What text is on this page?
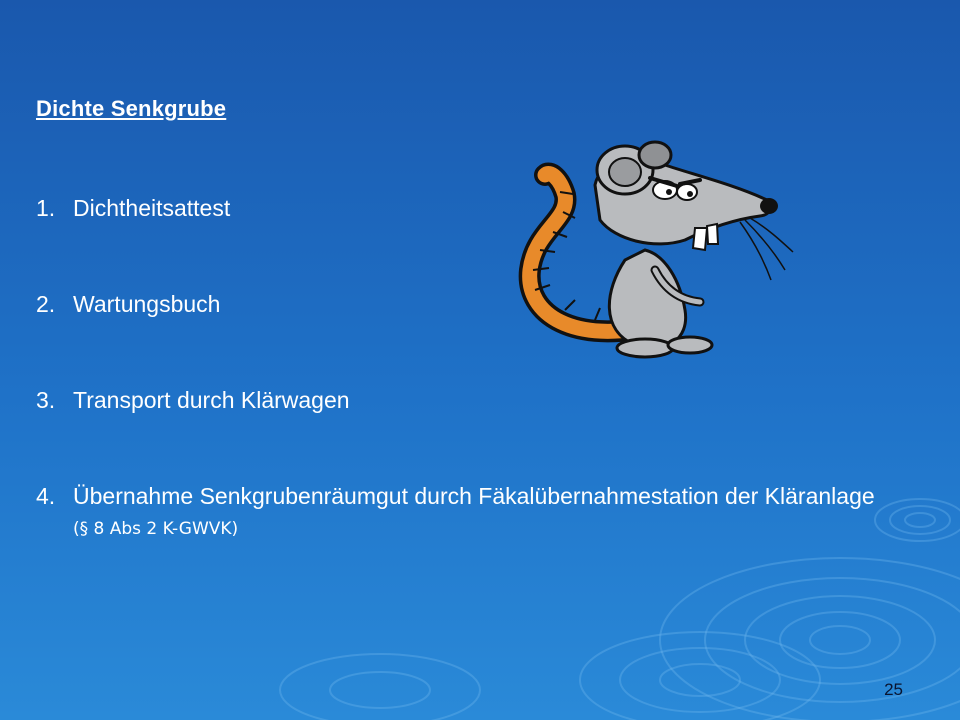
Dichte Senkgrube
1. Dichtheitsattest
2. Wartungsbuch
3. Transport durch Klärwagen
4. Übernahme Senkgrubenräumgut durch Fäkalübernahmestation der Kläranlage (§ 8 Abs 2 K-GWVK)
25
